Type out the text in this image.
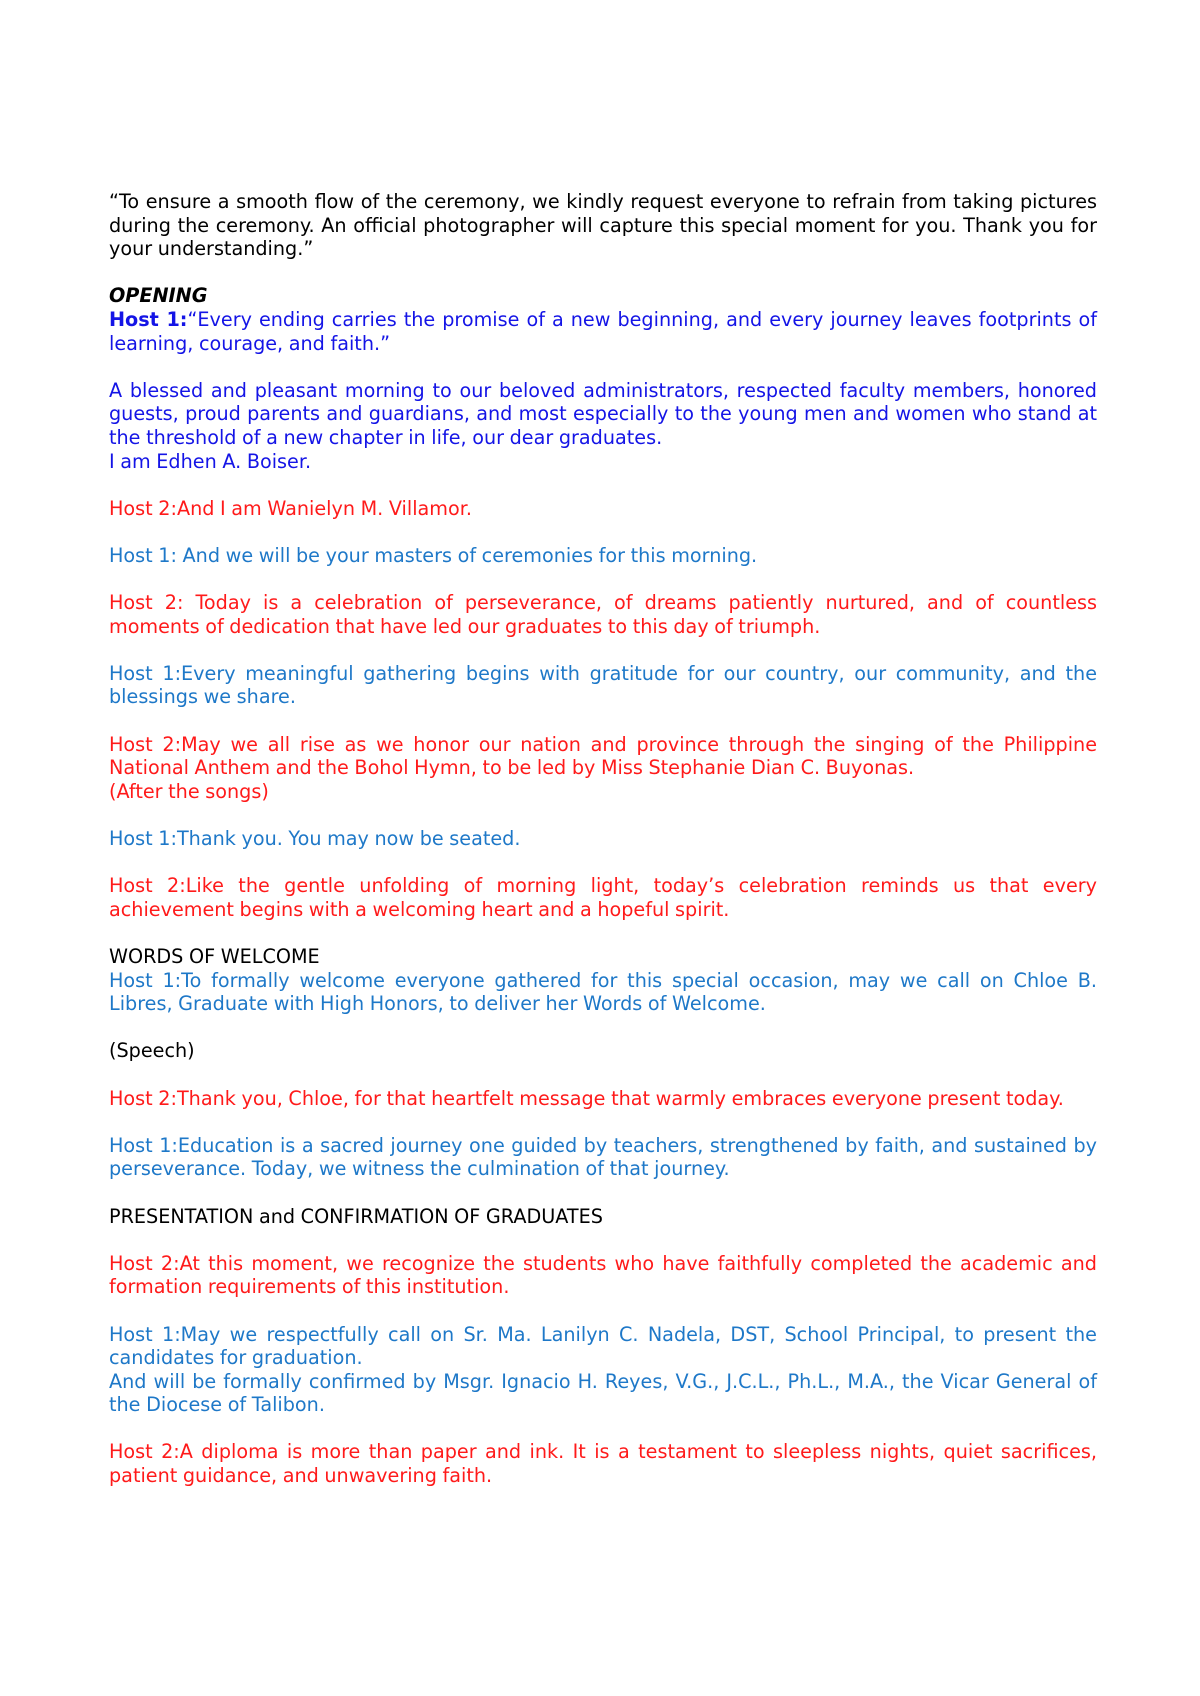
“To ensure a smooth flow of the ceremony, we kindly request everyone to refrain from taking pictures during the ceremony. An official photographer will capture this special moment for you. Thank you for your understanding.”

OPENING

Host 1:“Every ending carries the promise of a new beginning, and every journey leaves footprints of learning, courage, and faith.”

A blessed and pleasant morning to our beloved administrators, respected faculty members, honored guests, proud parents and guardians, and most especially to the young men and women who stand at the threshold of a new chapter in life, our dear graduates.

I am Edhen A. Boiser.

Host 2:And I am Wanielyn M. Villamor.

Host 1: And we will be your masters of ceremonies for this morning.

Host 2: Today is a celebration of perseverance, of dreams patiently nurtured, and of countless moments of dedication that have led our graduates to this day of triumph.

Host 1:Every meaningful gathering begins with gratitude for our country, our community, and the blessings we share.

Host 2:May we all rise as we honor our nation and province through the singing of the Philippine National Anthem and the Bohol Hymn, to be led by Miss Stephanie Dian C. Buyonas.

(After the songs)

Host 1:Thank you. You may now be seated.

Host 2:Like the gentle unfolding of morning light, today’s celebration reminds us that every achievement begins with a welcoming heart and a hopeful spirit.

WORDS OF WELCOME

Host 1:To formally welcome everyone gathered for this special occasion, may we call on Chloe B. Libres, Graduate with High Honors, to deliver her Words of Welcome.

(Speech)

Host 2:Thank you, Chloe, for that heartfelt message that warmly embraces everyone present today.

Host 1:Education is a sacred journey one guided by teachers, strengthened by faith, and sustained by perseverance. Today, we witness the culmination of that journey.

PRESENTATION and CONFIRMATION OF GRADUATES

Host 2:At this moment, we recognize the students who have faithfully completed the academic and formation requirements of this institution.

Host 1:May we respectfully call on Sr. Ma. Lanilyn C. Nadela, DST, School Principal, to present the candidates for graduation.

And will be formally confirmed by Msgr. Ignacio H. Reyes, V.G., J.C.L., Ph.L., M.A., the Vicar General of the Diocese of Talibon.

Host 2:A diploma is more than paper and ink. It is a testament to sleepless nights, quiet sacrifices, patient guidance, and unwavering faith.
